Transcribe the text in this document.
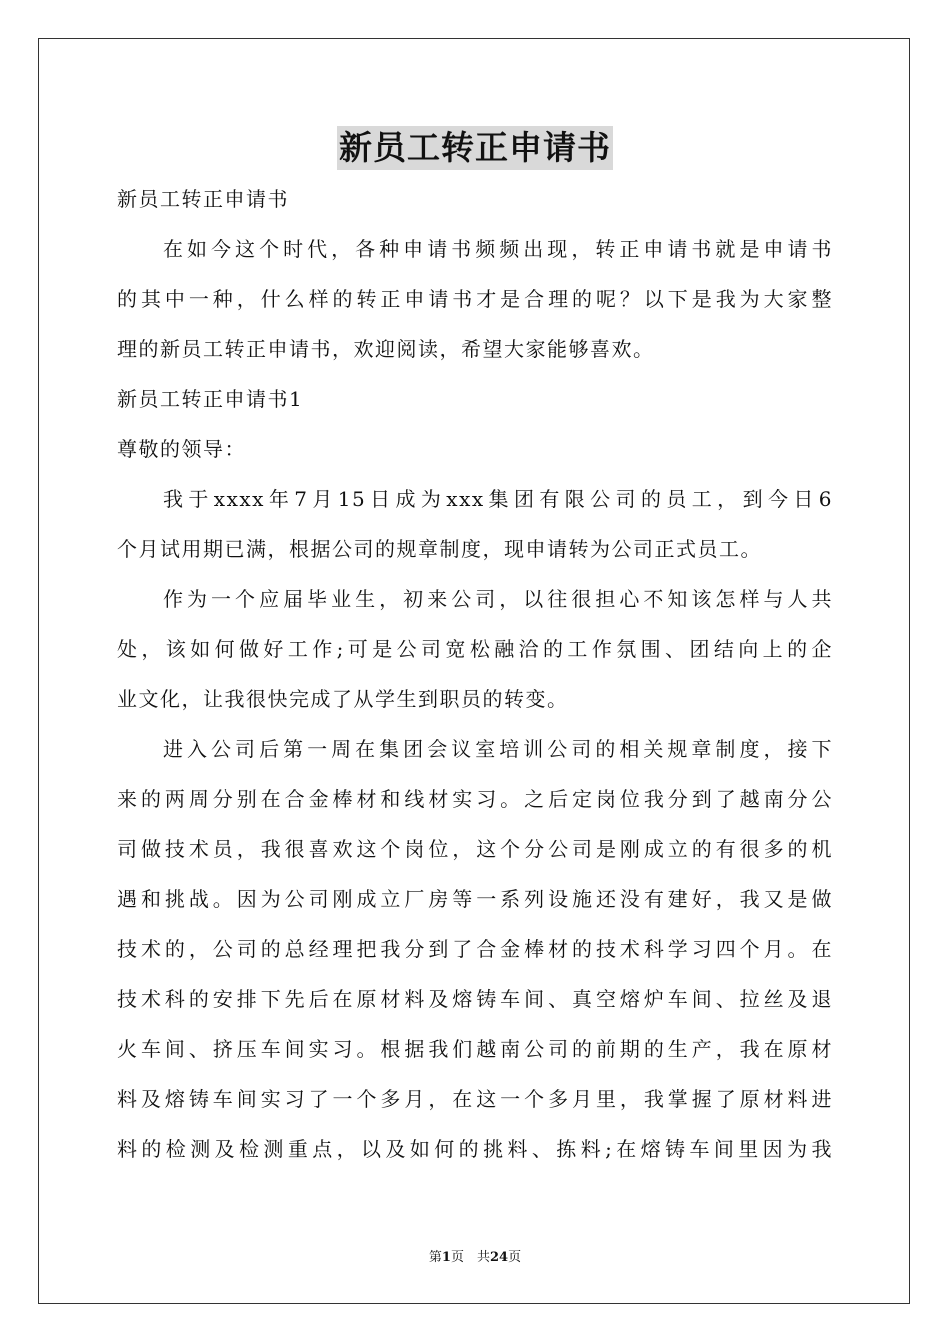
新员工转正申请书
新员工转正申请书
在如今这个时代，各种申请书频频出现，转正申请书就是申请书
的其中一种，什么样的转正申请书才是合理的呢？以下是我为大家整
理的新员工转正申请书，欢迎阅读，希望大家能够喜欢。
新员工转正申请书1
尊敬的领导：
我于xxxx年7月15日成为xxx集团有限公司的员工，到今日6
个月试用期已满，根据公司的规章制度，现申请转为公司正式员工。
作为一个应届毕业生，初来公司，以往很担心不知该怎样与人共
处，该如何做好工作;可是公司宽松融洽的工作氛围、团结向上的企
业文化，让我很快完成了从学生到职员的转变。
进入公司后第一周在集团会议室培训公司的相关规章制度，接下
来的两周分别在合金棒材和线材实习。之后定岗位我分到了越南分公
司做技术员，我很喜欢这个岗位，这个分公司是刚成立的有很多的机
遇和挑战。因为公司刚成立厂房等一系列设施还没有建好，我又是做
技术的，公司的总经理把我分到了合金棒材的技术科学习四个月。在
技术科的安排下先后在原材料及熔铸车间、真空熔炉车间、拉丝及退
火车间、挤压车间实习。根据我们越南公司的前期的生产，我在原材
料及熔铸车间实习了一个多月，在这一个多月里，我掌握了原材料进
料的检测及检测重点，以及如何的挑料、拣料;在熔铸车间里因为我
第1页　共24页
